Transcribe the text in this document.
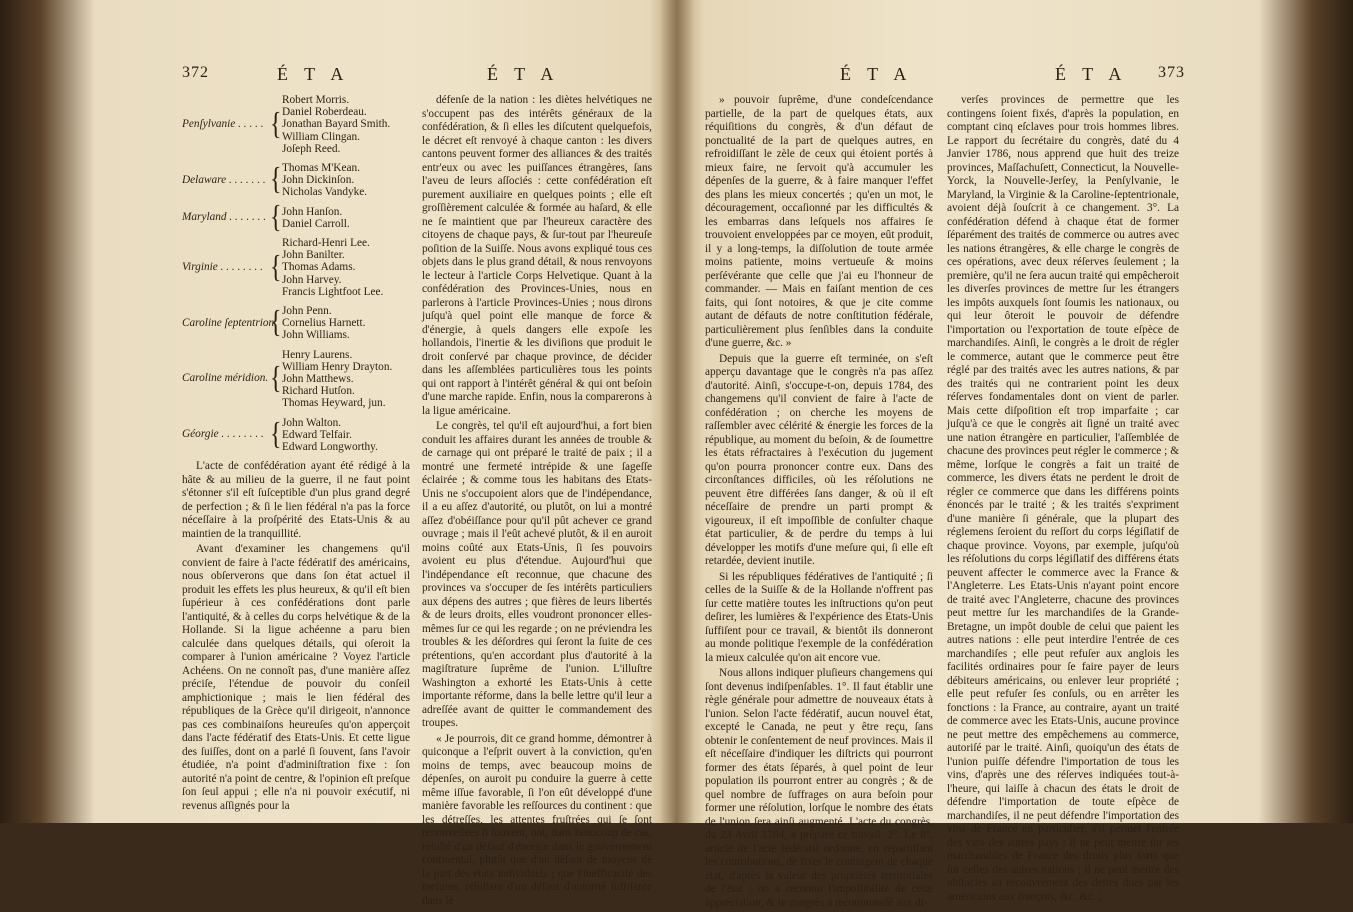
372	É T A	É T A
Penſylvanie . . . . . {
Robert Morris.
Daniel Roberdeau.
Jonathan Bayard Smith.
William Clingan.
Joſeph Reed.
Delaware . . . . . . . { Thomas M'Kean.
John Dickinſon.
Nicholas Vandyke.
Maryland . . . . . . . { John Hanſon.
Daniel Carroll.
Virginie . . . . . . . . {
Richard-Henri Lee.
John Banilter.
Thomas Adams.
John Harvey.
Francis Lightfoot Lee.
Caroline ſeptentrion.
{ John Penn.
Cornelius Harnett.
John Williams.
Caroline méridion. {
Henry Laurens.
William Henry Drayton.
John Matthews.
Richard Hutſon.
Thomas Heyward, jun.
Géorgie . . . . . . . . { John Walton.
Edward Telfair.
Edward Longworthy.

L'acte de confédération ayant été rédigé à la hâte & au milieu de la guerre, il ne faut point s'étonner s'il eſt ſuſceptible d'un plus grand degré de perfection ; & ſi le lien fédéral n'a pas la force néceſſaire à la proſpérité des Etats-Unis & au maintien de la tranquillité.

Avant d'examiner les changemens qu'il convient de faire à l'acte fédératif des américains, nous obſerverons que dans ſon état actuel il produit les effets les plus heureux, & qu'il eſt bien ſupérieur à ces confédérations dont parle l'antiquité, & à celles du corps helvétique & de la Hollande. Si la ligue achéenne a paru bien calculée dans quelques détails, qui oſeroit la comparer à l'union américaine ? Voyez l'article Achéens. On ne connoît pas, d'une manière aſſez préciſe, l'étendue de pouvoir du conſeil amphictionique ; mais le lien fédéral des républiques de la Grèce qu'il dirigeoit, n'annonce pas ces combinaiſons heureuſes qu'on apperçoit dans l'acte fédératif des Etats-Unis. Et cette ligue des ſuiſſes, dont on a parlé ſi ſouvent, ſans l'avoir étudiée, n'a point d'adminiſtration fixe : ſon autorité n'a point de centre, & l'opinion eſt preſque ſon ſeul appui ; elle n'a ni pouvoir exécutif, ni revenus aſſignés pour la

défenſe de la nation : les diètes helvétiques ne s'occupent pas des intérêts généraux de la confédération, & ſi elles les diſcutent quelquefois, le décret eſt renvoyé à chaque canton : les divers cantons peuvent former des alliances & des traités entr'eux ou avec les puiſſances étrangères, ſans l'aveu de leurs aſſociés : cette confédération eſt purement auxiliaire en quelques points ; elle eſt groſſièrement calculée & formée au haſard, & elle ne ſe maintient que par l'heureux caractère des citoyens de chaque pays, & ſur-tout par l'heureuſe poſition de la Suiſſe. Nous avons expliqué tous ces objets dans le plus grand détail, & nous renvoyons le lecteur à l'article Corps Helvetique. Quant à la confédération des Provinces-Unies, nous en parlerons à l'article Provinces-Unies ; nous dirons juſqu'à quel point elle manque de force & d'énergie, à quels dangers elle expoſe les hollandois, l'inertie & les diviſions que produit le droit conſervé par chaque province, de décider dans les aſſemblées particulières tous les points qui ont rapport à l'intérêt général & qui ont beſoin d'une marche rapide. Enfin, nous la comparerons à la ligue américaine.

Le congrès, tel qu'il eſt aujourd'hui, a fort bien conduit les affaires durant les années de trouble & de carnage qui ont préparé le traité de paix ; il a montré une fermeté intrépide & une ſageſſe éclairée ; & comme tous les habitans des Etats-Unis ne s'occupoient alors que de l'indépendance, il a eu aſſez d'autorité, ou plutôt, on lui a montré aſſez d'obéiſſance pour qu'il pût achever ce grand ouvrage ; mais il l'eût achevé plutôt, & il en auroit moins coûté aux Etats-Unis, ſi ſes pouvoirs avoient eu plus d'étendue. Aujourd'hui que l'indépendance eſt reconnue, que chacune des provinces va s'occuper de ſes intérêts particuliers aux dépens des autres ; que fières de leurs libertés & de leurs droits, elles voudront prononcer elles-mêmes ſur ce qui les regarde ; on ne préviendra les troubles & les déſordres qui ſeront la ſuite de ces prétentions, qu'en accordant plus d'autorité à la magiſtrature ſuprême de l'union. L'illuſtre Washington a exhorté les Etats-Unis à cette importante réforme, dans la belle lettre qu'il leur a adreſſée avant de quitter le commandement des troupes.

« Je pourrois, dit ce grand homme, démontrer à quiconque a l'eſprit ouvert à la conviction, qu'en moins de temps, avec beaucoup moins de dépenſes, on auroit pu conduire la guerre à cette même iſſue favorable, ſi l'on eût développé d'une manière favorable les reſſources du continent : que les détreſſes, les attentes fruſtrées qui ſe ſont renouvellées ſi ſouvent, ont, dans beaucoup de cas, réſulté d'un défaut d'énergie dans le gouvernement continental, plutôt que d'un défaut de moyens de la part des états individuels ; que l'inefficacité des meſures, réſultant d'un défaut d'autorité ſuffiſante dans le

É T A	É T A 373

» pouvoir ſuprême, d'une condeſcendance partielle, de la part de quelques états, aux réquiſitions du congrès, & d'un défaut de ponctualité de la part de quelques autres, en refroidiſſant le zèle de ceux qui étoient portés à mieux faire, ne ſervoit qu'à accumuler les dépenſes de la guerre, & à faire manquer l'effet des plans les mieux concertés ; qu'en un mot, le découragement, occaſionné par les difficultés & les embarras dans leſquels nos affaires ſe trouvoient enveloppées par ce moyen, eût produit, il y a long-temps, la diſſolution de toute armée moins patiente, moins vertueuſe & moins perſévérante que celle que j'ai eu l'honneur de commander. — Mais en faiſant mention de ces faits, qui ſont notoires, & que je cite comme autant de défauts de notre conſtitution fédérale, particulièrement plus ſenſibles dans la conduite d'une guerre, &c. »

Depuis que la guerre eſt terminée, on s'eſt apperçu davantage que le congrès n'a pas aſſez d'autorité. Ainſi, s'occupe-t-on, depuis 1784, des changemens qu'il convient de faire à l'acte de confédération ; on cherche les moyens de raſſembler avec célérité & énergie les forces de la république, au moment du beſoin, & de ſoumettre les états réfractaires à l'exécution du jugement qu'on pourra prononcer contre eux. Dans des circonſtances difficiles, où les réſolutions ne peuvent être différées ſans danger, & où il eſt néceſſaire de prendre un parti prompt & vigoureux, il eſt impoſſible de conſulter chaque état particulier, & de perdre du temps à lui développer les motifs d'une meſure qui, ſi elle eſt retardée, devient inutile.

Si les républiques fédératives de l'antiquité ; ſi celles de la Suiſſe & de la Hollande n'offrent pas ſur cette matière toutes les inſtructions qu'on peut deſirer, les lumières & l'expérience des Etats-Unis ſuffiſent pour ce travail, & bientôt ils donneront au monde politique l'exemple de la confédération la mieux calculée qu'on ait encore vue.

Nous allons indiquer pluſieurs changemens qui ſont devenus indiſpenſables. 1°. Il faut établir une règle générale pour admettre de nouveaux états à l'union. Selon l'acte fédératif, aucun nouvel état, excepté le Canada, ne peut y être reçu, ſans obtenir le conſentement de neuf provinces. Mais il eſt néceſſaire d'indiquer les diſtricts qui pourront former des états ſéparés, à quel point de leur population ils pourront entrer au congrès ; & de quel nombre de ſuffrages on aura beſoin pour former une réſolution, lorſque le nombre des états de l'union ſera ainſi augmenté. L'acte du congrès, du 23 Avril 1784, a préparé ce travail. 2°. Le 8°. article de l'acte fédératif ordonne, en répartiſſant les contributions, de fixer le contingent de chaque état, d'après la valeur des propriétés territoriales de l'état : on a reconnu l'impoſſibilité de cette appréciation, & le congrès a recommandé aux di-

verſes provinces de permettre que les contingens ſoient fixés, d'après la population, en comptant cinq eſclaves pour trois hommes libres. Le rapport du ſecrétaire du congrès, daté du 4 Janvier 1786, nous apprend que huit des treize provinces, Maſſachuſett, Connecticut, la Nouvelle-Yorck, la Nouvelle-Jerſey, la Penſylvanie, le Maryland, la Virginie & la Caroline-ſeptentrionale, avoient déjà ſouſcrit à ce changement. 3°. La confédération défend à chaque état de former ſéparément des traités de commerce ou autres avec les nations étrangères, & elle charge le congrès de ces opérations, avec deux réſerves ſeulement ; la première, qu'il ne ſera aucun traité qui empêcheroit les diverſes provinces de mettre ſur les étrangers les impôts auxquels ſont ſoumis les nationaux, ou qui leur ôteroit le pouvoir de défendre l'importation ou l'exportation de toute eſpèce de marchandiſes. Ainſi, le congrès a le droit de régler le commerce, autant que le commerce peut être réglé par des traités avec les autres nations, & par des traités qui ne contrarient point les deux réſerves fondamentales dont on vient de parler. Mais cette diſpoſition eſt trop imparfaite ; car juſqu'à ce que le congrès ait ſigné un traité avec une nation étrangère en particulier, l'aſſemblée de chacune des provinces peut régler le commerce ; & même, lorſque le congrès a fait un traité de commerce, les divers états ne perdent le droit de régler ce commerce que dans les différens points énoncés par le traité ; & les traités s'expriment d'une manière ſi générale, que la plupart des réglemens ſeroient du reſſort du corps légiſlatif de chaque province. Voyons, par exemple, juſqu'où les réſolutions du corps légiſlatif des différens états peuvent affecter le commerce avec la France & l'Angleterre. Les Etats-Unis n'ayant point encore de traité avec l'Angleterre, chacune des provinces peut mettre ſur les marchandiſes de la Grande-Bretagne, un impôt double de celui que paient les autres nations : elle peut interdire l'entrée de ces marchandiſes ; elle peut refuſer aux anglois les facilités ordinaires pour ſe faire payer de leurs débiteurs américains, ou enlever leur propriété ; elle peut refuſer ſes conſuls, ou en arrêter les fonctions : la France, au contraire, ayant un traité de commerce avec les Etats-Unis, aucune province ne peut mettre des empêchemens au commerce, autoriſé par le traité. Ainſi, quoiqu'un des états de l'union puiſſe défendre l'importation de tous les vins, d'après une des réſerves indiquées tout-à-l'heure, qui laiſſe à chacun des états le droit de défendre l'importation de toute eſpèce de marchandiſes, il ne peut défendre l'importation des vins de France en particulier, s'il permet l'entrée des vins des autres pays : il ne peut mettre ſur les marchandiſes de France des droits plus forts que ſur celles des autres nations ; il ne peut mettre des obſtacles au recouvrement des dettes dues par les américains aux françois, &c. &c. ;
